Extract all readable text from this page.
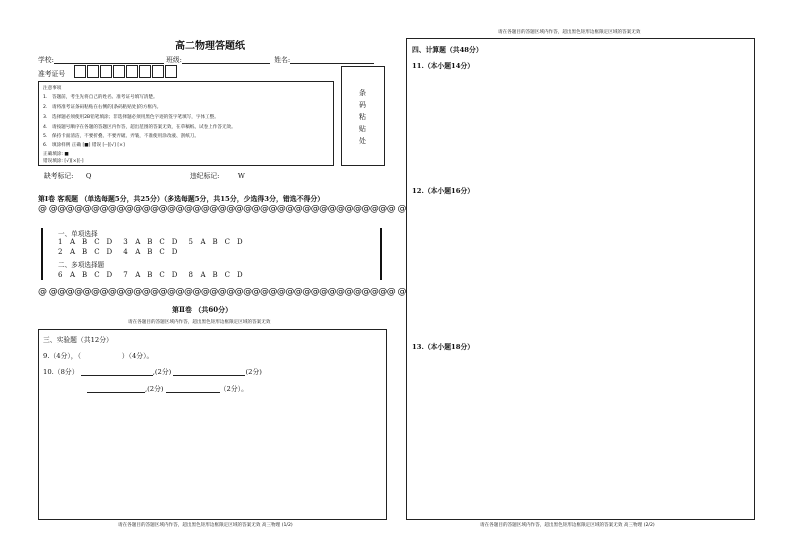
高二物理答题纸
学校:	班级:	姓名:
准考证号
注意事项
1.　答题前，考生先将自己的姓名、准考证号填写清楚。
2.　请将准考证条码粘贴在右侧的[条码粘贴处]的方框内。
3.　选择题必须使用2B铅笔填涂；非选择题必须用黑色字迹的签字笔填写，字体工整。
4.　请按题号顺序在各题的答题区内作答，超出范围的答案无效，在草稿纸、试卷上作答无效。
5.　保持卡面清洁，不要折叠、不要弄破、弄皱，不准使用涂改液、刮纸刀。
6.　填涂样例 正确 [■] 错误 [--][√] [×]
正确填涂: ■
错误填涂: [√][×][-]
条码粘贴处
缺考标记: Q	违纪标记:	W
第Ⅰ卷 客观题 （单选每题5分，共25分）（多选每题5分，共15分，少选得3分，错选不得分）
@ @@@@@@@@@@@@@@@@@@@@@@@@@@@@@@@@@@@@@@@@@ @
一、单项选择
1 A　B　C　D 3 A　B　C　D 5 A　B　C　D
2 A　B　C　D 4 A　B　C　D
二、多项选择题
6 A　B　C　D 7 A　B　C　D 8 A　B　C　D
@ @@@@@@@@@@@@@@@@@@@@@@@@@@@@@@@@@@@@@@@@@ @
第Ⅱ卷 （共60分）
请在各题目的答题区域内作答，超出黑色矩形边框限定区域的答案无效
三、实验题（共12分）
9.（4分），（　　　　　　）（4分）。
10.（8分）	,(2分)	(2分)
,(2分)	（2分）。
请在各题目的答题区域内作答，超出黑色矩形边框限定区域的答案无效 高三物理 (1/2)
请在各题目的答题区域内作答，超出黑色矩形边框限定区域的答案无效
四、计算题（共48分）
11.（本小题14分）
12.（本小题16分）
13.（本小题18分）
请在各题目的答题区域内作答，超出黑色矩形边框限定区域的答案无效 高三物理 (2/2)
